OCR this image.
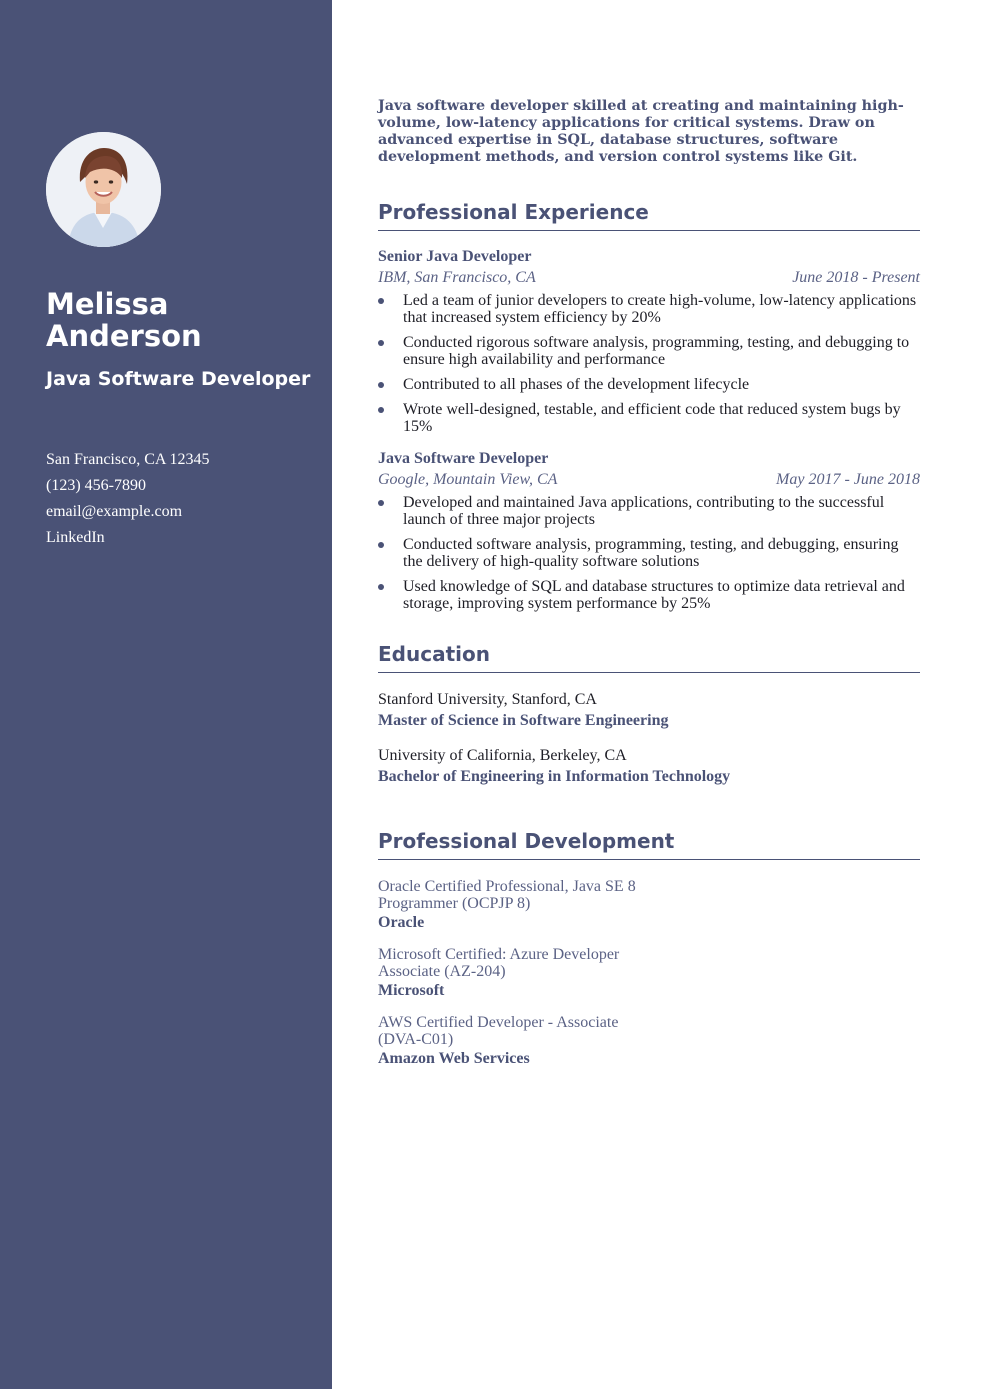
Melissa Anderson
Java Software Developer
San Francisco, CA 12345
(123) 456-7890
email@example.com
LinkedIn

Java software developer skilled at creating and maintaining high-volume, low-latency applications for critical systems. Draw on advanced expertise in SQL, database structures, software development methods, and version control systems like Git.

Professional Experience
Senior Java Developer
IBM, San Francisco, CA	June 2018 - Present
Led a team of junior developers to create high-volume, low-latency applications that increased system efficiency by 20%
Conducted rigorous software analysis, programming, testing, and debugging to ensure high availability and performance
Contributed to all phases of the development lifecycle
Wrote well-designed, testable, and efficient code that reduced system bugs by 15%
Java Software Developer
Google, Mountain View, CA	May 2017 - June 2018
Developed and maintained Java applications, contributing to the successful launch of three major projects
Conducted software analysis, programming, testing, and debugging, ensuring the delivery of high-quality software solutions
Used knowledge of SQL and database structures to optimize data retrieval and storage, improving system performance by 25%
Education
Stanford University, Stanford, CA
Master of Science in Software Engineering
University of California, Berkeley, CA
Bachelor of Engineering in Information Technology
Professional Development
Oracle Certified Professional, Java SE 8 Programmer (OCPJP 8)
Oracle
Microsoft Certified: Azure Developer Associate (AZ-204)
Microsoft
AWS Certified Developer - Associate (DVA-C01)
Amazon Web Services
